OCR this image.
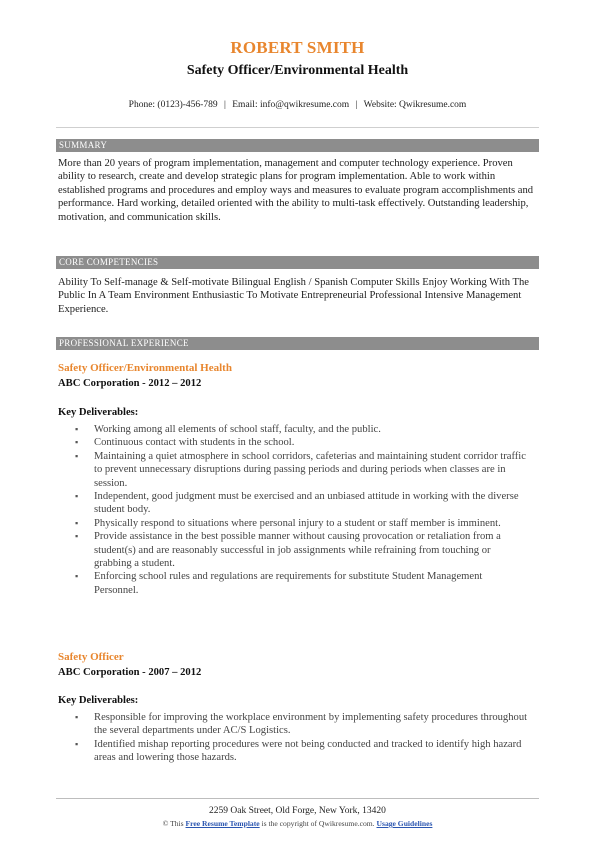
ROBERT SMITH
Safety Officer/Environmental Health
Phone: (0123)-456-789 | Email: info@qwikresume.com | Website: Qwikresume.com
SUMMARY
More than 20 years of program implementation, management and computer technology experience. Proven ability to research, create and develop strategic plans for program implementation. Able to work within established programs and procedures and employ ways and measures to evaluate program accomplishments and performance. Hard working, detailed oriented with the ability to multi-task effectively. Outstanding leadership, motivation, and communication skills.
CORE COMPETENCIES
Ability To Self-manage & Self-motivate Bilingual English / Spanish Computer Skills Enjoy Working With The Public In A Team Environment Enthusiastic To Motivate Entrepreneurial Professional Intensive Management Experience.
PROFESSIONAL EXPERIENCE
Safety Officer/Environmental Health
ABC Corporation - 2012 – 2012
Key Deliverables:
▪ Working among all elements of school staff, faculty, and the public.
▪ Continuous contact with students in the school.
▪ Maintaining a quiet atmosphere in school corridors, cafeterias and maintaining student corridor traffic to prevent unnecessary disruptions during passing periods and during periods when classes are in session.
▪ Independent, good judgment must be exercised and an unbiased attitude in working with the diverse student body.
▪ Physically respond to situations where personal injury to a student or staff member is imminent.
▪ Provide assistance in the best possible manner without causing provocation or retaliation from a student(s) and are reasonably successful in job assignments while refraining from touching or grabbing a student.
▪ Enforcing school rules and regulations are requirements for substitute Student Management Personnel.
Safety Officer
ABC Corporation - 2007 – 2012
Key Deliverables:
▪ Responsible for improving the workplace environment by implementing safety procedures throughout the several departments under AC/S Logistics.
▪ Identified mishap reporting procedures were not being conducted and tracked to identify high hazard areas and lowering those hazards.
2259 Oak Street, Old Forge, New York, 13420
© This Free Resume Template is the copyright of Qwikresume.com. Usage Guidelines
